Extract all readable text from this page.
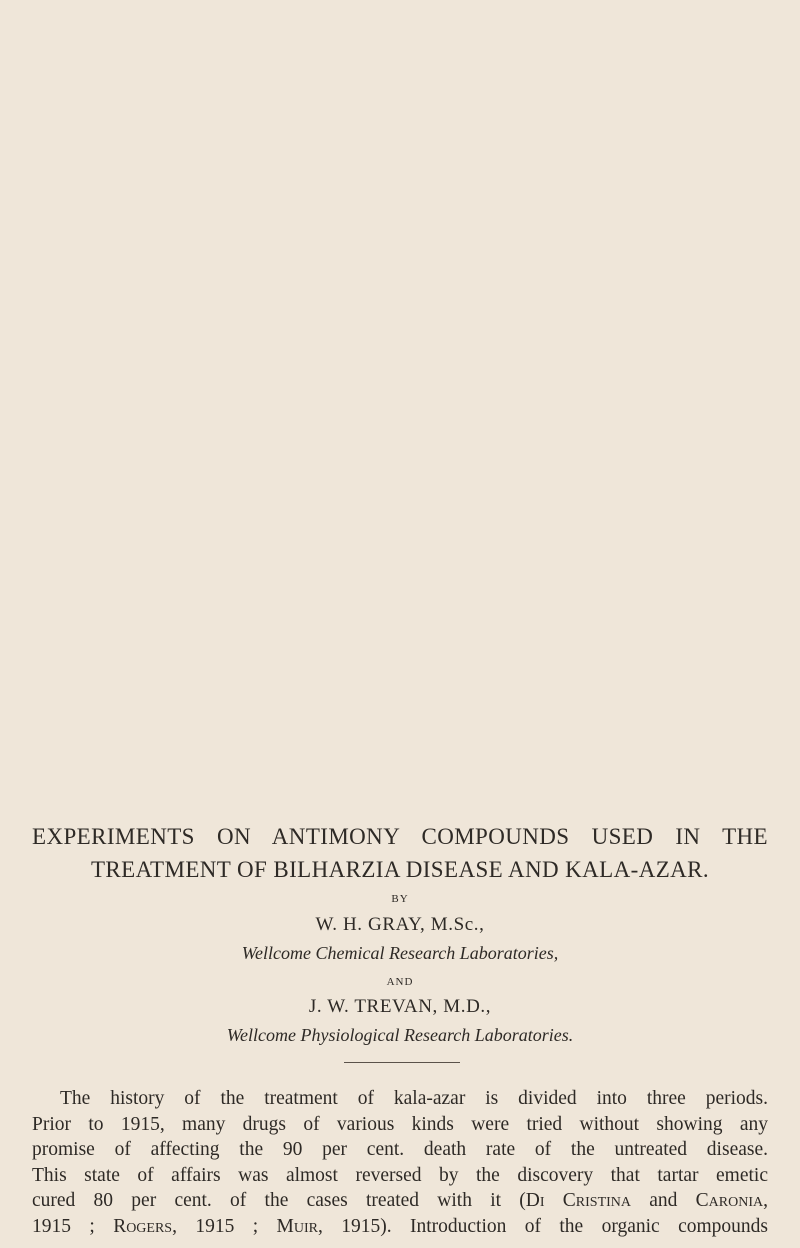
EXPERIMENTS ON ANTIMONY COMPOUNDS USED IN THE
TREATMENT OF BILHARZIA DISEASE AND KALA-AZAR.
BY
W. H. GRAY, M.Sc.,
Wellcome Chemical Research Laboratories,
AND
J. W. TREVAN, M.D.,
Wellcome Physiological Research Laboratories.
The history of the treatment of kala-azar is divided into three periods.
Prior to 1915, many drugs of various kinds were tried without showing any
promise of affecting the 90 per cent. death rate of the untreated disease.
This state of affairs was almost reversed by the discovery that tartar emetic
cured 80 per cent. of the cases treated with it (Di Cristina and Caronia,
1915 ; Rogers, 1915 ; Muir, 1915). Introduction of the organic compounds
